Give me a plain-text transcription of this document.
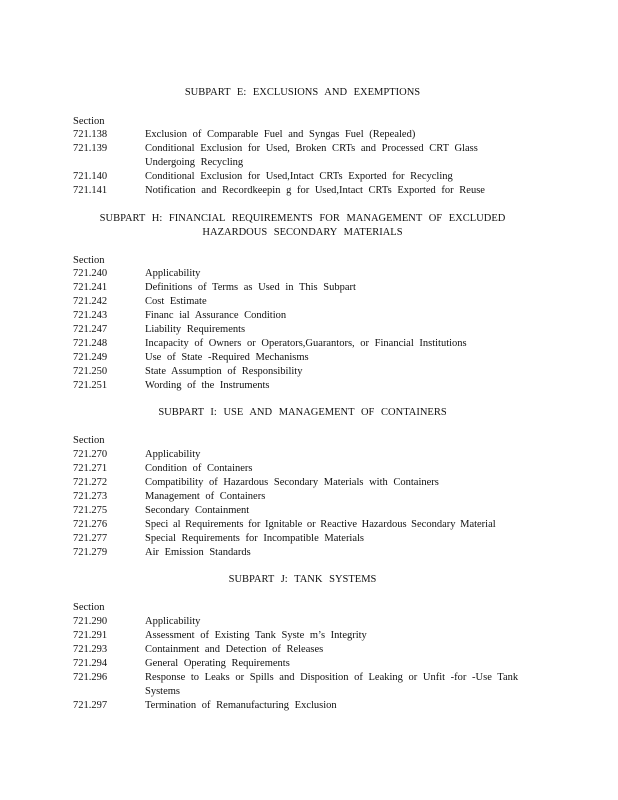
SUBPART E: EXCLUSIONS AND EXEMPTIONS
Section
721.138	Exclusion of Comparable Fuel and Syngas Fuel (Repealed)
721.139	Conditional Exclusion for Used, Broken CRTs and Processed CRT Glass Undergoing Recycling
721.140	Conditional Exclusion for Used,Intact CRTs Exported for Recycling
721.141	Notification and Recordkeepin g for Used,Intact CRTs Exported for Reuse
SUBPART H: FINANCIAL REQUIREMENTS FOR MANAGEMENT OF EXCLUDED HAZARDOUS SECONDARY MATERIALS
Section
721.240	Applicability
721.241	Definitions of Terms as Used in This Subpart
721.242	Cost Estimate
721.243	Financ ial Assurance Condition
721.247	Liability Requirements
721.248	Incapacity of Owners or Operators,Guarantors, or Financial Institutions
721.249	Use of State -Required Mechanisms
721.250	State Assumption of Responsibility
721.251	Wording of the Instruments
SUBPART I: USE AND MANAGEMENT OF CONTAINERS
Section
721.270	Applicability
721.271	Condition of Containers
721.272	Compatibility of Hazardous Secondary Materials with Containers
721.273	Management of Containers
721.275	Secondary Containment
721.276	Speci al Requirements for Ignitable or Reactive Hazardous Secondary Material
721.277	Special Requirements for Incompatible Materials
721.279	Air Emission Standards
SUBPART J: TANK SYSTEMS
Section
721.290	Applicability
721.291	Assessment of Existing Tank Syste m’s Integrity
721.293	Containment and Detection of Releases
721.294	General Operating Requirements
721.296	Response to Leaks or Spills and Disposition of Leaking or Unfit -for -Use Tank Systems
721.297	Termination of Remanufacturing Exclusion
